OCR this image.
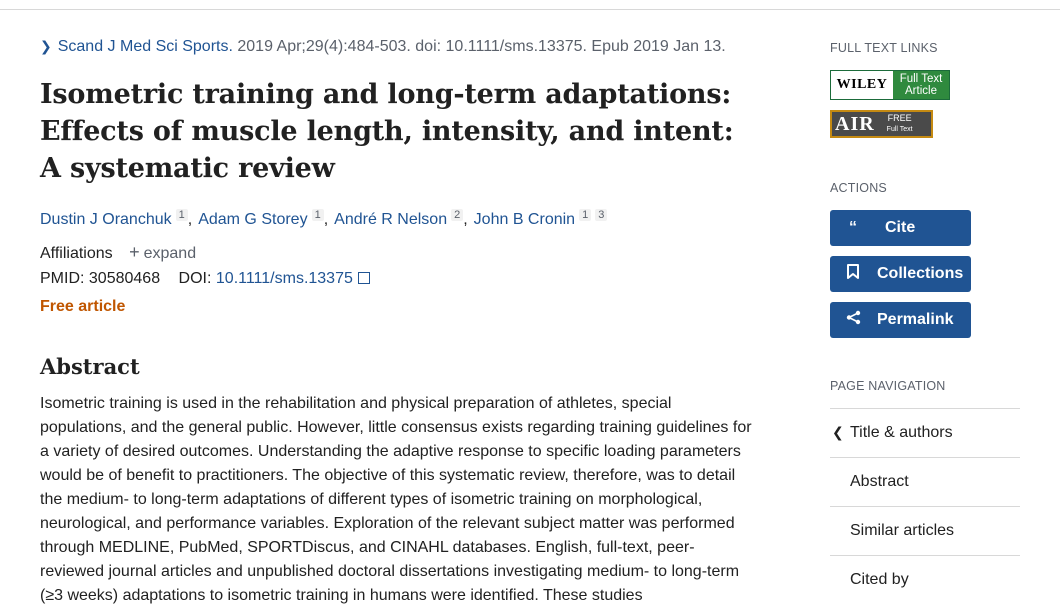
❯ Scand J Med Sci Sports. 2019 Apr;29(4):484-503. doi: 10.1111/sms.13375. Epub 2019 Jan 13.
Isometric training and long-term adaptations: Effects of muscle length, intensity, and intent: A systematic review
Dustin J Oranchuk $^1$ , Adam G Storey $^1$ , André R Nelson $^2$ , John B Cronin $^1$ $^3$
Affiliations + expand
PMID: 30580468 DOI: 10.1111/sms.13375
Free article
Abstract
Isometric training is used in the rehabilitation and physical preparation of athletes, special populations, and the general public. However, little consensus exists regarding training guidelines for a variety of desired outcomes. Understanding the adaptive response to specific loading parameters would be of benefit to practitioners. The objective of this systematic review, therefore, was to detail the medium- to long-term adaptations of different types of isometric training on morphological, neurological, and performance variables. Exploration of the relevant subject matter was performed through MEDLINE, PubMed, SPORTDiscus, and CINAHL databases. English, full-text, peer-reviewed journal articles and unpublished doctoral dissertations investigating medium- to long-term (≥3 weeks) adaptations to isometric training in humans were identified. These studies
FULL TEXT LINKS
WILEY	Full Text
Article
AIR FREE
Full Text
ACTIONS
“	Cite
Collections
Permalink
PAGE NAVIGATION
❮ Title & authors
Abstract
Similar articles
Cited by
